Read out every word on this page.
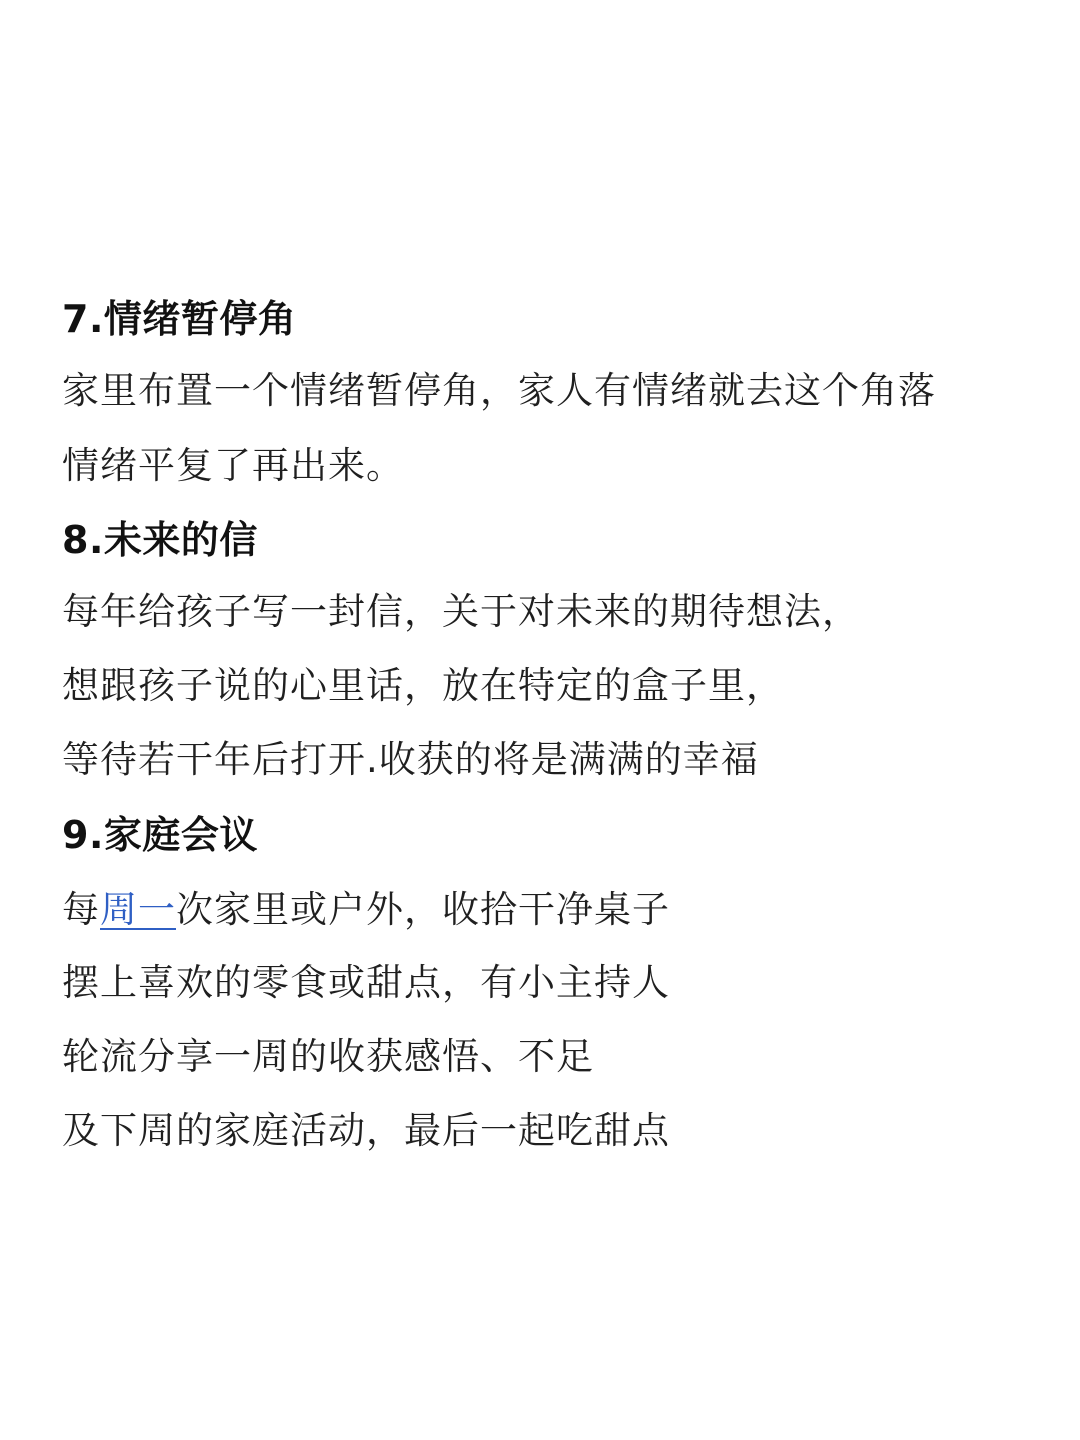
7.情绪暂停角

家里布置一个情绪暂停角，家人有情绪就去这个角落

情绪平复了再出来。

8.未来的信

每年给孩子写一封信，关于对未来的期待想法，

想跟孩子说的心里话，放在特定的盒子里，

等待若干年后打开.收获的将是满满的幸福

9.家庭会议

每周一次家里或户外，收拾干净桌子

摆上喜欢的零食或甜点，有小主持人

轮流分享一周的收获感悟、不足

及下周的家庭活动，最后一起吃甜点
